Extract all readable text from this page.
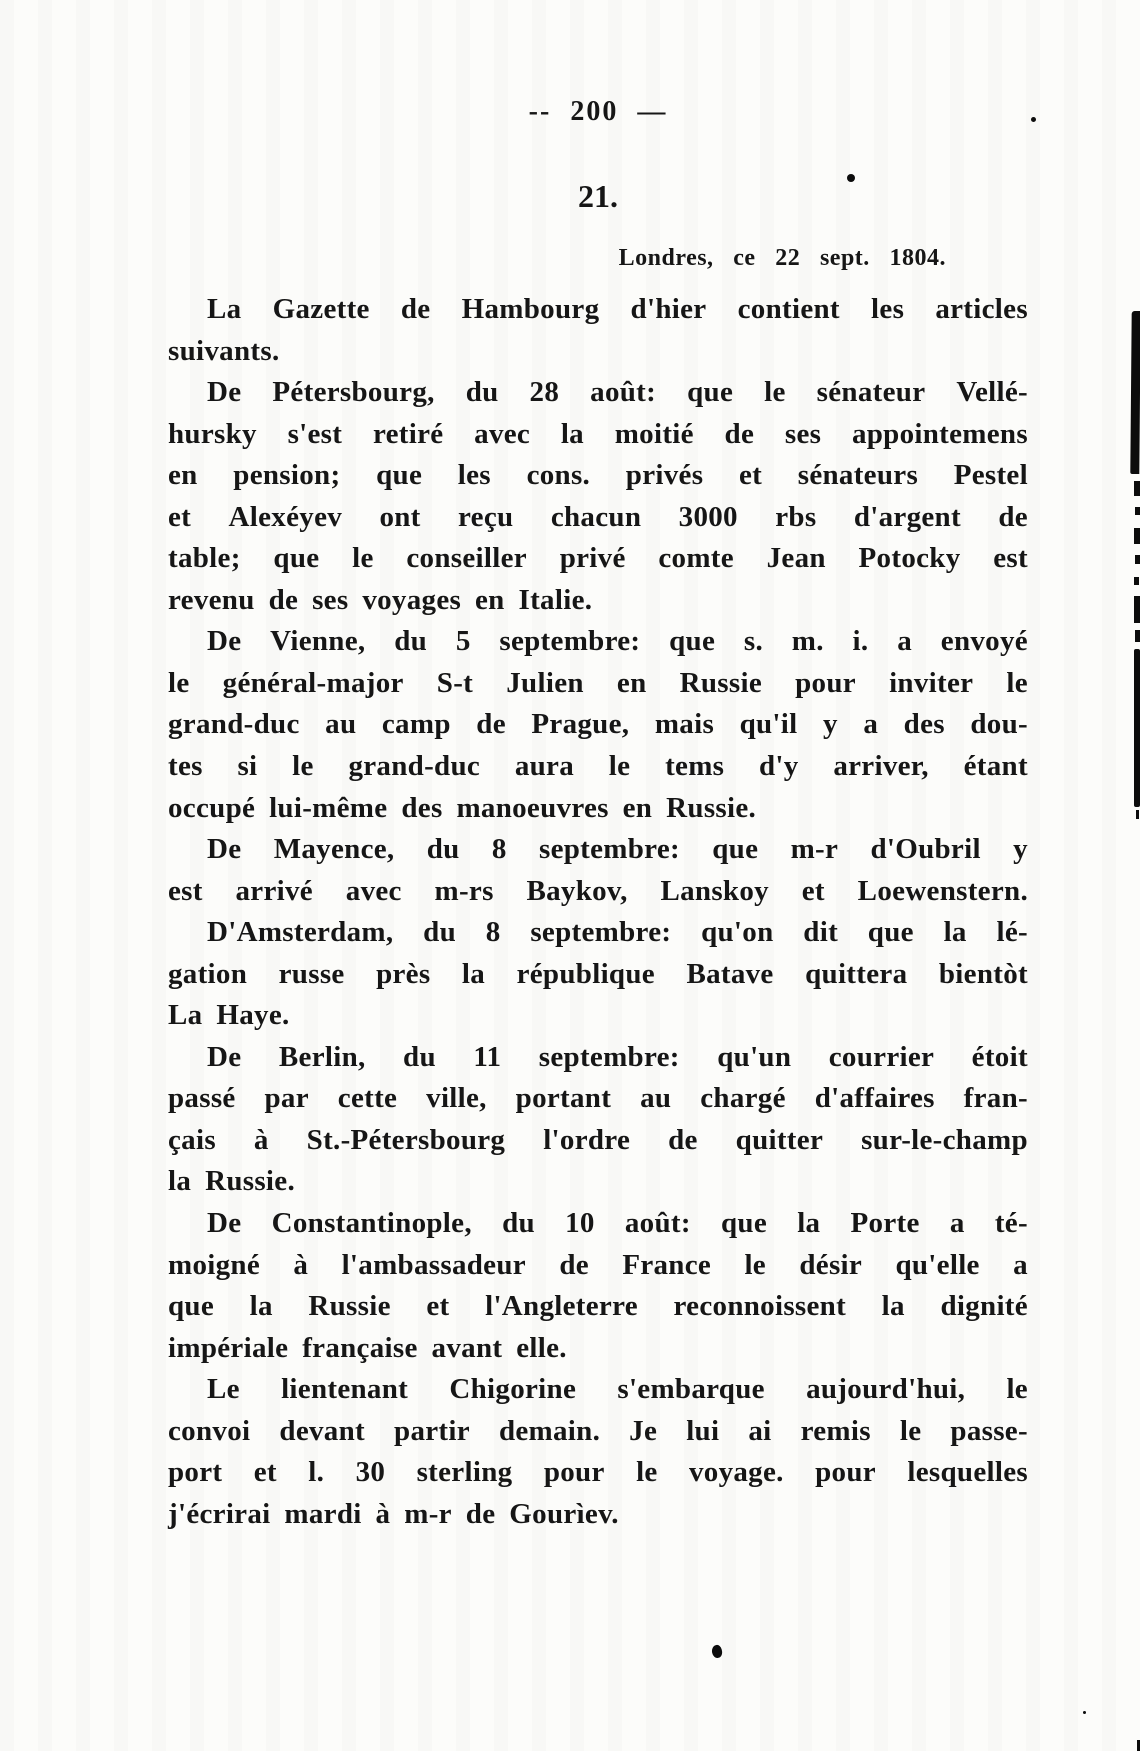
-- 200 —
21.
Londres, ce 22 sept. 1804.
La Gazette de Hambourg d'hier contient les articles
suivants.
De Pétersbourg, du 28 août: que le sénateur Vellé-
hursky s'est retiré avec la moitié de ses appointemens
en pension; que les cons. privés et sénateurs Pestel
et Alexéyev ont reçu chacun 3000 rbs d'argent de
table; que le conseiller privé comte Jean Potocky est
revenu de ses voyages en Italie.
De Vienne, du 5 septembre: que s. m. i. a envoyé
le général-major S-t Julien en Russie pour inviter le
grand-duc au camp de Prague, mais qu'il y a des dou-
tes si le grand-duc aura le tems d'y arriver, étant
occupé lui-même des manoeuvres en Russie.
De Mayence, du 8 septembre: que m-r d'Oubril y
est arrivé avec m-rs Baykov, Lanskoy et Loewenstern.
D'Amsterdam, du 8 septembre: qu'on dit que la lé-
gation russe près la république Batave quittera bientòt
La Haye.
De Berlin, du 11 septembre: qu'un courrier étoit
passé par cette ville, portant au chargé d'affaires fran-
çais à St.-Pétersbourg l'ordre de quitter sur-le-champ
la Russie.
De Constantinople, du 10 août: que la Porte a té-
moigné à l'ambassadeur de France le désir qu'elle a
que la Russie et l'Angleterre reconnoissent la dignité
impériale française avant elle.
Le lientenant Chigorine s'embarque aujourd'hui, le
convoi devant partir demain. Je lui ai remis le passe-
port et l. 30 sterling pour le voyage. pour lesquelles
j'écrirai mardi à m-r de Gourìev.
